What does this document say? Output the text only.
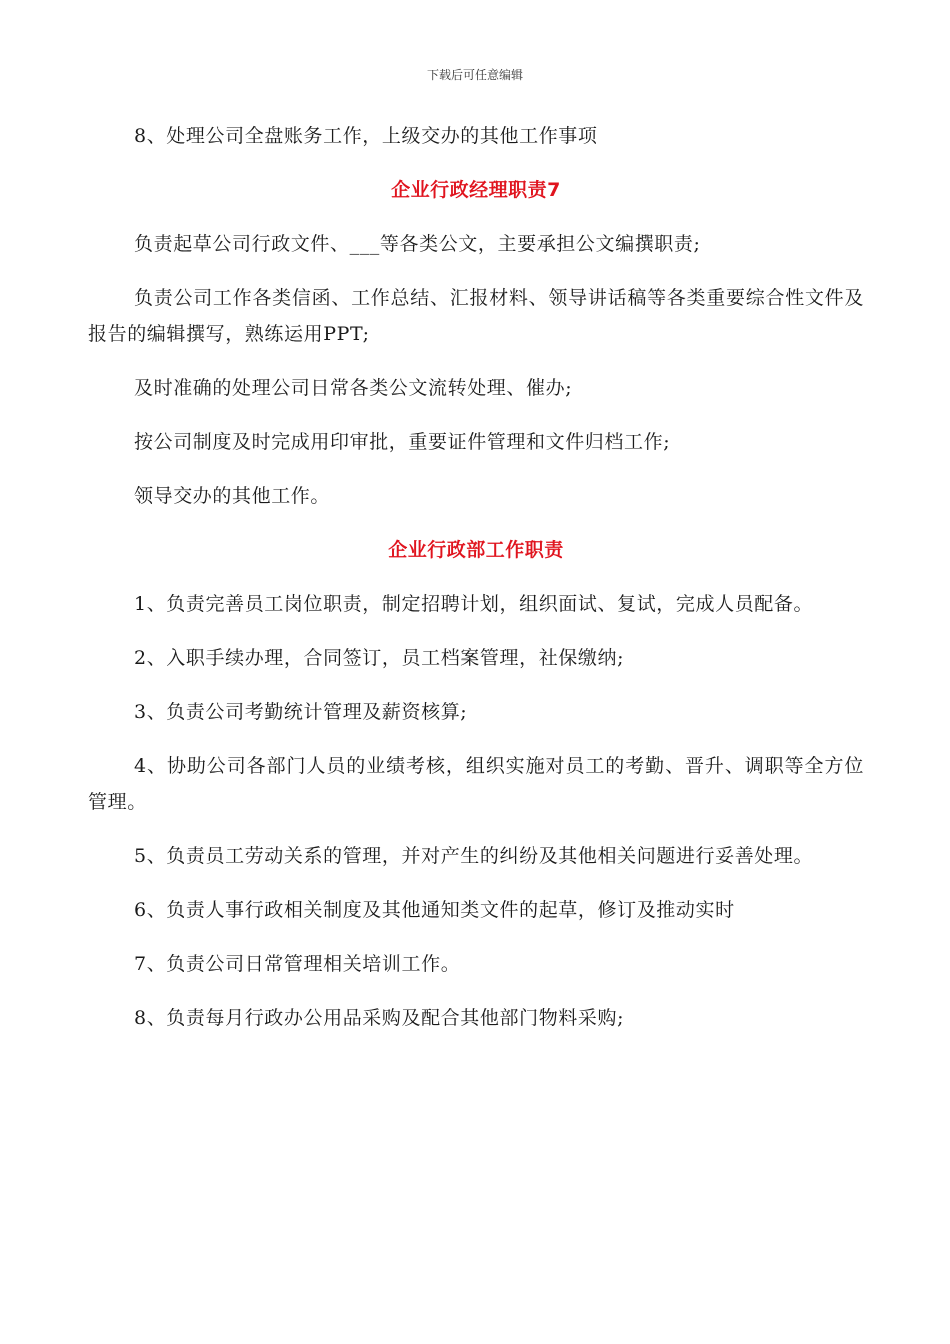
下载后可任意编辑

8、处理公司全盘账务工作，上级交办的其他工作事项

企业行政经理职责7

负责起草公司行政文件、___等各类公文，主要承担公文编撰职责;

负责公司工作各类信函、工作总结、汇报材料、领导讲话稿等各类重要综合性文件及报告的编辑撰写，熟练运用PPT;

及时准确的处理公司日常各类公文流转处理、催办;

按公司制度及时完成用印审批，重要证件管理和文件归档工作;

领导交办的其他工作。

企业行政部工作职责

1、负责完善员工岗位职责，制定招聘计划，组织面试、复试，完成人员配备。

2、入职手续办理，合同签订，员工档案管理，社保缴纳;

3、负责公司考勤统计管理及薪资核算;

4、协助公司各部门人员的业绩考核，组织实施对员工的考勤、晋升、调职等全方位管理。

5、负责员工劳动关系的管理，并对产生的纠纷及其他相关问题进行妥善处理。

6、负责人事行政相关制度及其他通知类文件的起草，修订及推动实时

7、负责公司日常管理相关培训工作。

8、负责每月行政办公用品采购及配合其他部门物料采购;
